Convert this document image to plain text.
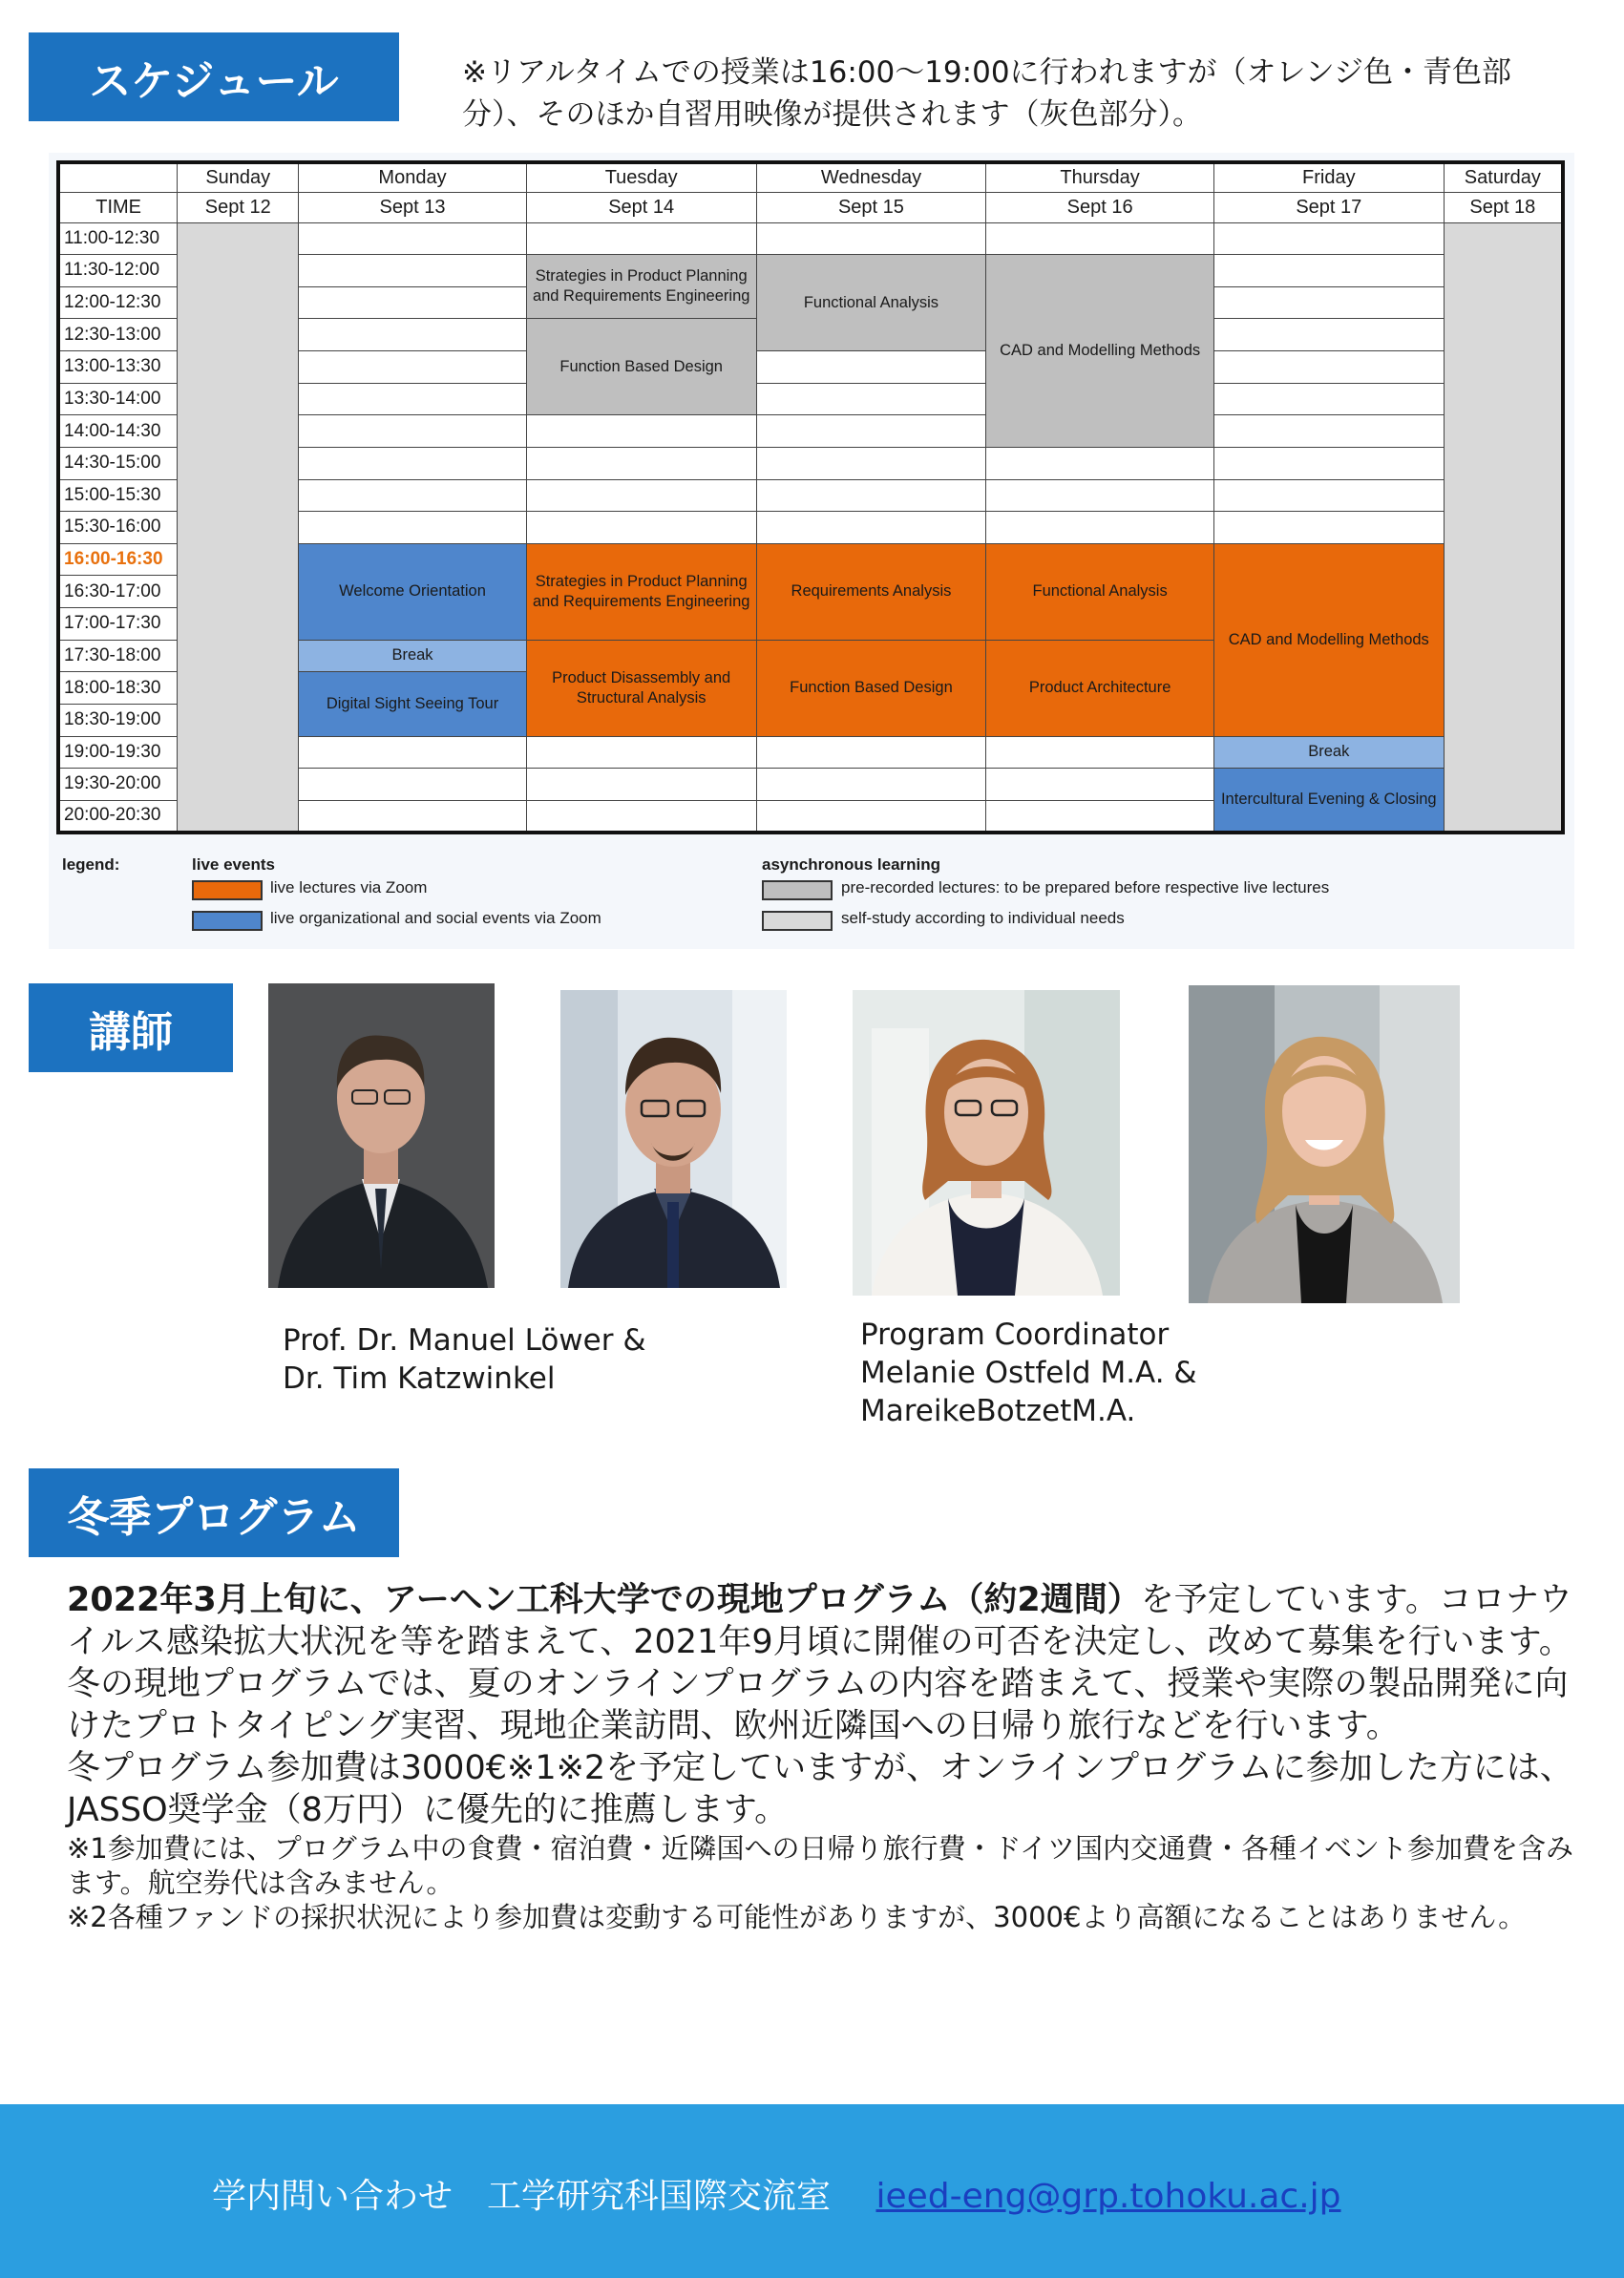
スケジュール	※リアルタイムでの授業は16:00～19:00に行われますが（オレンジ色・青色部分）、そのほか自習用映像が提供されます（灰色部分）。
	Sunday	Monday	Tuesday	Wednesday	Thursday	Friday	Saturday
TIME	Sept 12	Sept 13	Sept 14	Sept 15	Sept 16	Sept 17	Sept 18
11:00-12:30							
11:30-12:00			Strategies in Product Planning and Requirements Engineering	Functional Analysis	CAD and Modelling Methods		
12:00-12:30							
12:30-13:00			Function Based Design				
13:00-13:30							
13:30-14:00							
14:00-14:30							
14:30-15:00							
15:00-15:30							
15:30-16:00							
16:00-16:30		Welcome Orientation	Strategies in Product Planning and Requirements Engineering	Requirements Analysis	Functional Analysis	CAD and Modelling Methods	
16:30-17:00							
17:00-17:30							
17:30-18:00		Break	Product Disassembly and Structural Analysis	Function Based Design	Product Architecture		
18:00-18:30		Digital Sight Seeing Tour					
18:30-19:00							
19:00-19:30						Break	
19:30-20:00						Intercultural Evening & Closing	
20:00-20:30							
legend:	live events
live lectures via Zoom
live organizational and social events via Zoom
asynchronous learning
pre-recorded lectures: to be prepared before respective live lectures
self-study according to individual needs
講師
Prof. Dr. Manuel Löwer &
Dr. Tim Katzwinkel
Program Coordinator
Melanie Ostfeld M.A. &
MareikeBotzetM.A.
冬季プログラム

2022年3月上旬に、アーヘン工科大学での現地プログラム（約2週間）を予定しています。コロナウイルス感染拡大状況を等を踏まえて、2021年9月頃に開催の可否を決定し、改めて募集を行います。

冬の現地プログラムでは、夏のオンラインプログラムの内容を踏まえて、授業や実際の製品開発に向けたプロトタイピング実習、現地企業訪問、欧州近隣国への日帰り旅行などを行います。

冬プログラム参加費は3000€※1※2を予定していますが、オンラインプログラムに参加した方には、JASSO奨学金（8万円）に優先的に推薦します。

※1参加費には、プログラム中の食費・宿泊費・近隣国への日帰り旅行費・ドイツ国内交通費・各種イベント参加費を含みます。航空券代は含みません。

※2各種ファンドの採択状況により参加費は変動する可能性がありますが、3000€より高額になることはありません。

学内問い合わせ　工学研究科国際交流室 ieed-eng@grp.tohoku.ac.jp
